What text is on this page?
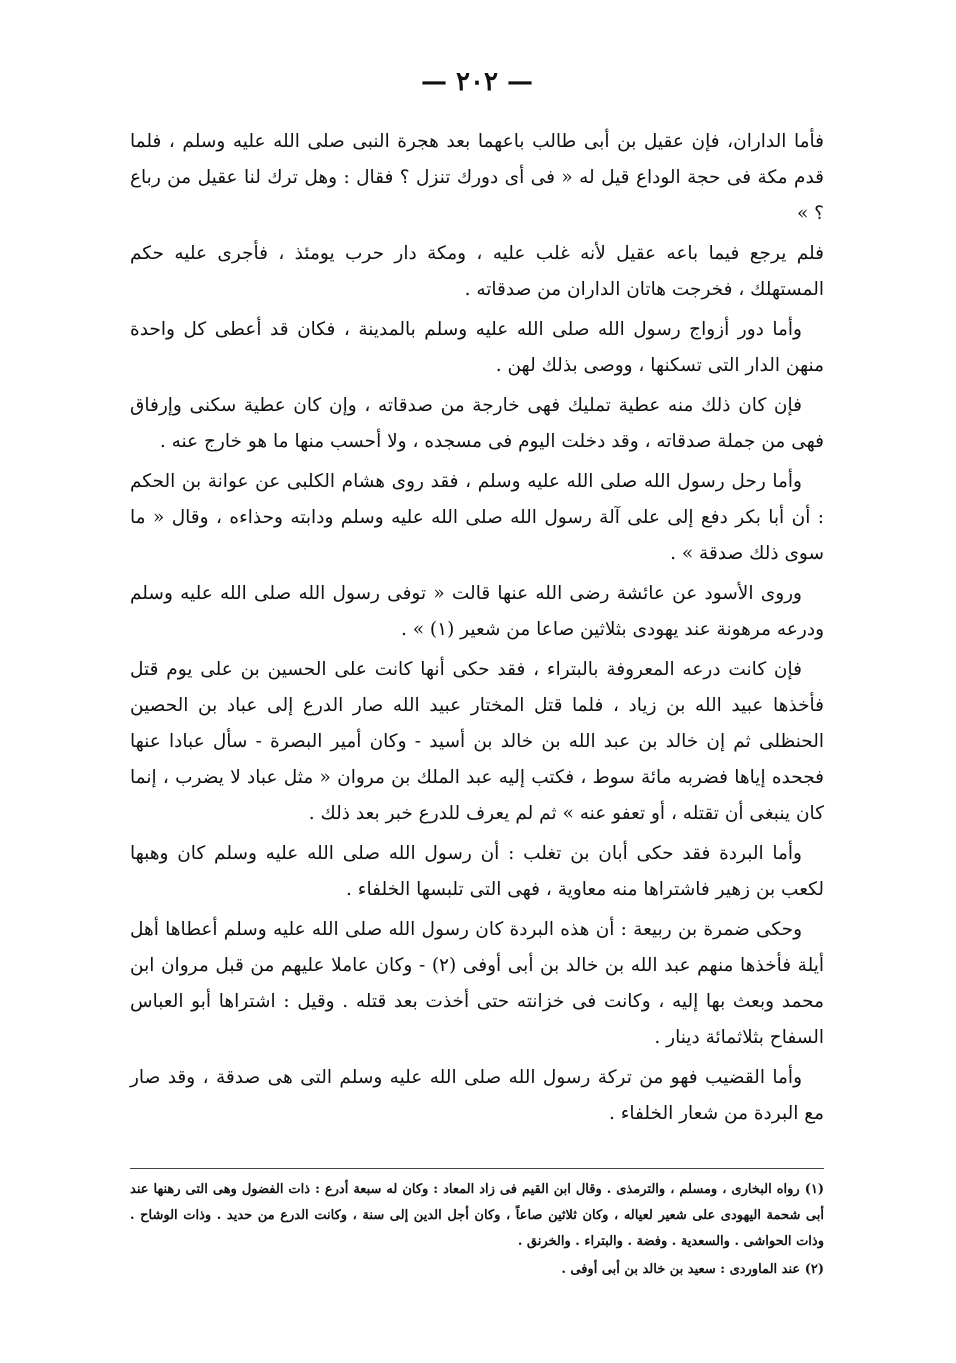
— ٢٠٢ —

فأما الداران، فإن عقيل بن أبى طالب باعهما بعد هجرة النبى صلى الله عليه وسلم ، فلما قدم مكة فى حجة الوداع قيل له « فى أى دورك تنزل ؟ فقال : وهل ترك لنا عقيل من رباع ؟ »

فلم يرجع فيما باعه عقيل لأنه غلب عليه ، ومكة دار حرب يومئذ ، فأجرى عليه حكم المستهلك ، فخرجت هاتان الداران من صدقاته .

وأما دور أزواج رسول الله صلى الله عليه وسلم بالمدينة ، فكان قد أعطى كل واحدة منهن الدار التى تسكنها ، ووصى بذلك لهن .

فإن كان ذلك منه عطية تمليك فهى خارجة من صدقاته ، وإن كان عطية سكنى وإرفاق فهى من جملة صدقاته ، وقد دخلت اليوم فى مسجده ، ولا أحسب منها ما هو خارج عنه .

وأما رحل رسول الله صلى الله عليه وسلم ، فقد روى هشام الكلبى عن عوانة بن الحكم : أن أبا بكر دفع إلى على آلة رسول الله صلى الله عليه وسلم ودابته وحذاءه ، وقال « ما سوى ذلك صدقة » .

وروى الأسود عن عائشة رضى الله عنها قالت « توفى رسول الله صلى الله عليه وسلم ودرعه مرهونة عند يهودى بثلاثين صاعا من شعير (١) » .

فإن كانت درعه المعروفة بالبتراء ، فقد حكى أنها كانت على الحسين بن على يوم قتل فأخذها عبيد الله بن زياد ، فلما قتل المختار عبيد الله صار الدرع إلى عباد بن الحصين الحنظلى ثم إن خالد بن عبد الله بن خالد بن أسيد - وكان أمير البصرة - سأل عبادا عنها فجحده إياها فضربه مائة سوط ، فكتب إليه عبد الملك بن مروان « مثل عباد لا يضرب ، إنما كان ينبغى أن تقتله ، أو تعفو عنه » ثم لم يعرف للدرع خبر بعد ذلك .

وأما البردة فقد حكى أبان بن تغلب : أن رسول الله صلى الله عليه وسلم كان وهبها لكعب بن زهير فاشتراها منه معاوية ، فهى التى تلبسها الخلفاء .

وحكى ضمرة بن ربيعة : أن هذه البردة كان رسول الله صلى الله عليه وسلم أعطاها أهل أيلة فأخذها منهم عبد الله بن خالد بن أبى أوفى (٢) - وكان عاملا عليهم من قبل مروان ابن محمد وبعث بها إليه ، وكانت فى خزانته حتى أخذت بعد قتله . وقيل : اشتراها أبو العباس السفاح بثلاثمائة دينار .

وأما القضيب فهو من تركة رسول الله صلى الله عليه وسلم التى هى صدقة ، وقد صار مع البردة من شعار الخلفاء .

(١) رواه البخارى ، ومسلم ، والترمذى . وقال ابن القيم فى زاد المعاد : وكان له سبعة أدرع : ذات الفضول وهى التى رهنها عند أبى شحمة اليهودى على شعير لعياله ، وكان ثلاثين صاعاً ، وكان أجل الدين إلى سنة ، وكانت الدرع من حديد . وذات الوشاح . وذات الحواشى . والسعدية . وفضة . والبتراء . والخرنق .

(٢) عند الماوردى : سعيد بن خالد بن أبى أوفى .
